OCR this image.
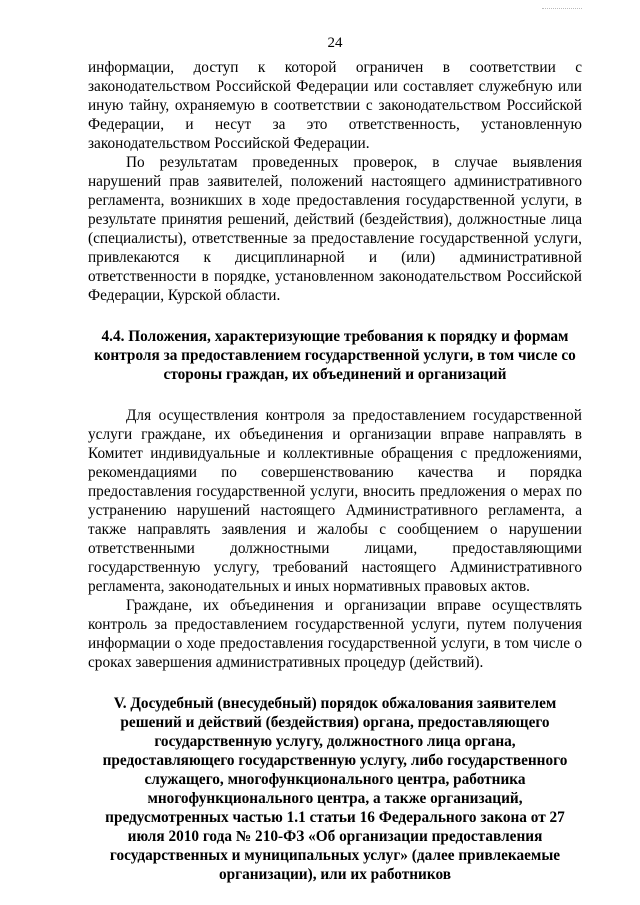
24

информации, доступ к которой ограничен в соответствии с законодательством Российской Федерации или составляет служебную или иную тайну, охраняемую в соответствии с законодательством Российской Федерации, и несут за это ответственность, установленную законодательством Российской Федерации.

По результатам проведенных проверок, в случае выявления нарушений прав заявителей, положений настоящего административного регламента, возникших в ходе предоставления государственной услуги, в результате принятия решений, действий (бездействия), должностные лица (специалисты), ответственные за предоставление государственной услуги, привлекаются к дисциплинарной и (или) административной ответственности в порядке, установленном законодательством Российской Федерации, Курской области.

4.4. Положения, характеризующие требования к порядку и формам контроля за предоставлением государственной услуги, в том числе со стороны граждан, их объединений и организаций

Для осуществления контроля за предоставлением государственной услуги граждане, их объединения и организации вправе направлять в Комитет индивидуальные и коллективные обращения с предложениями, рекомендациями по совершенствованию качества и порядка предоставления государственной услуги, вносить предложения о мерах по устранению нарушений настоящего Административного регламента, а также направлять заявления и жалобы с сообщением о нарушении ответственными должностными лицами, предоставляющими государственную услугу, требований настоящего Административного регламента, законодательных и иных нормативных правовых актов.

Граждане, их объединения и организации вправе осуществлять контроль за предоставлением государственной услуги, путем получения информации о ходе предоставления государственной услуги, в том числе о сроках завершения административных процедур (действий).

V. Досудебный (внесудебный) порядок обжалования заявителем решений и действий (бездействия) органа, предоставляющего государственную услугу, должностного лица органа, предоставляющего государственную услугу, либо государственного служащего, многофункционального центра, работника многофункционального центра, а также организаций, предусмотренных частью 1.1 статьи 16 Федерального закона от 27 июля 2010 года № 210-ФЗ «Об организации предоставления государственных и муниципальных услуг» (далее привлекаемые организации), или их работников
